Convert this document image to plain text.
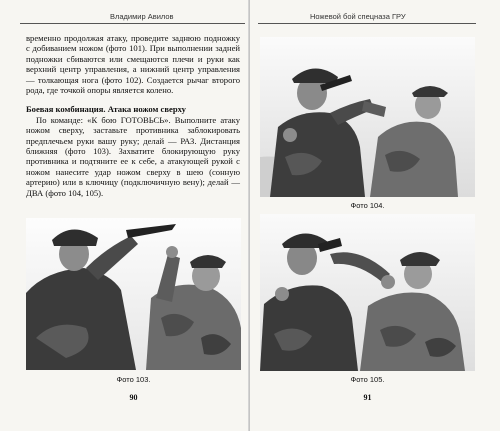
Владимир Авилов

временно продолжая атаку, проведите заднюю подножку с добиванием ножом (фото 101). При выполнении задней подножки сбиваются или смещаются плечи и руки как верхний центр управления, а нижний центр управления — толкающая нога (фото 102). Создается рычаг второго рода, где точкой опоры является колено.

Боевая комбинация. Атака ножом сверху

По команде: «К бою ГОТОВЬСЬ». Выполните атаку ножом сверху, заставьте противника заблокировать предплечьем руки вашу руку; делай — РАЗ. Дистанция ближняя (фото 103). Захватите блокирующую руку противника и подтяните ее к себе, а атакующей рукой с ножом нанесите удар ножом сверху в шею (сонную артерию) или в ключицу (подключичную вену); делай — ДВА (фото 104, 105).

Фото 103.
90
Ножевой бой спецназа ГРУ
Фото 104.
Фото 105.
91
